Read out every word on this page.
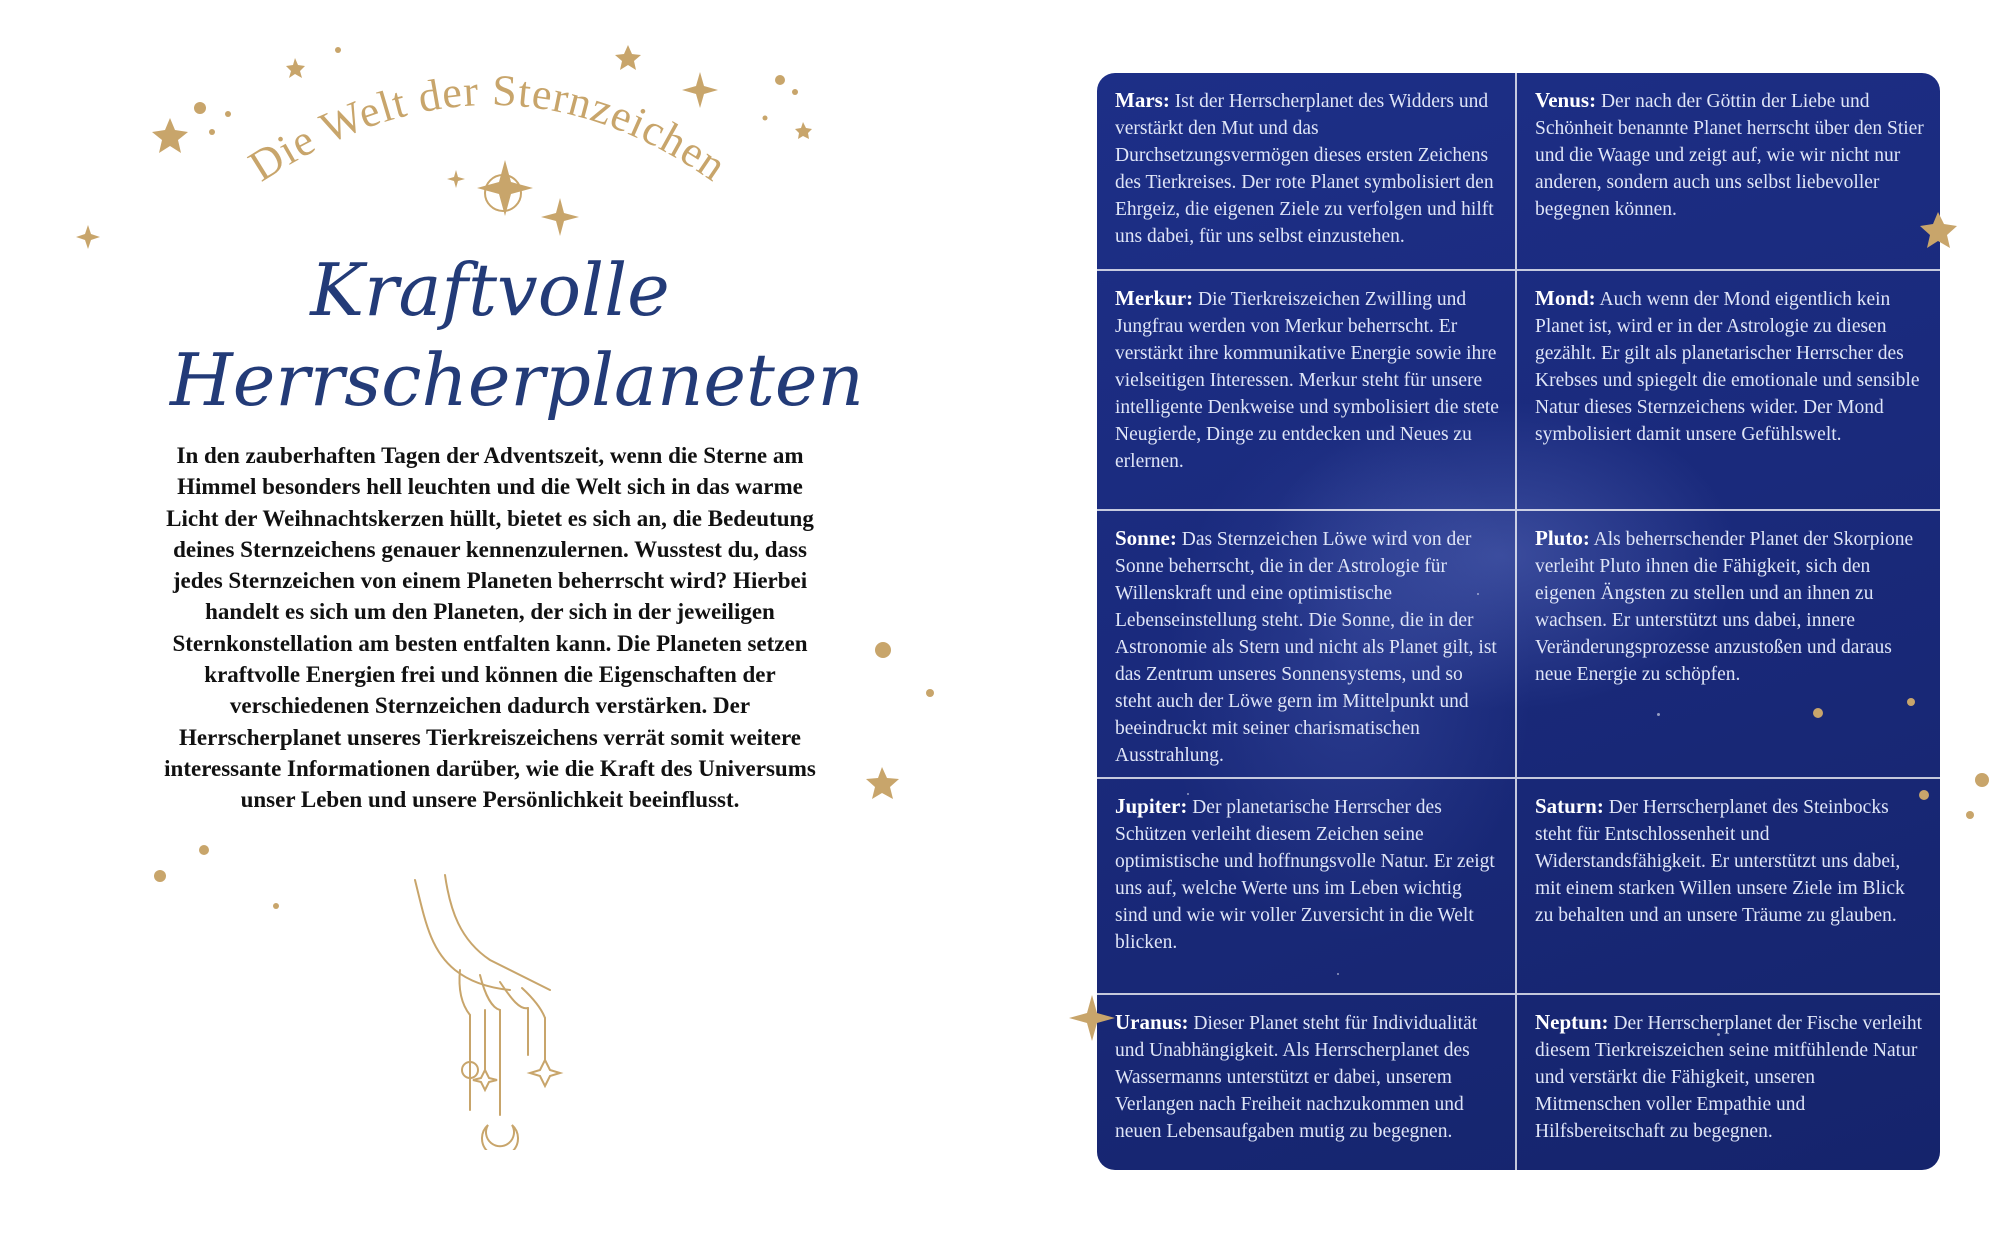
Die Welt der Sternzeichen
Kraftvolle
Herrscherplaneten

In den zauberhaften Tagen der Adventszeit, wenn die Sterne am Himmel besonders hell leuchten und die Welt sich in das warme Licht der Weihnachtskerzen hüllt, bietet es sich an, die Bedeutung deines Sternzeichens genauer kennenzulernen. Wusstest du, dass jedes Sternzeichen von einem Planeten beherrscht wird? Hierbei handelt es sich um den Planeten, der sich in der jeweiligen Sternkonstellation am besten entfalten kann. Die Planeten setzen kraftvolle Energien frei und können die Eigenschaften der verschiedenen Sternzeichen dadurch verstärken. Der Herrscherplanet unseres Tierkreiszeichens verrät somit weitere interessante Informationen darüber, wie die Kraft des Universums unser Leben und unsere Persönlichkeit beeinflusst.

Mars: Ist der Herrscherplanet des Widders und verstärkt den Mut und das Durchsetzungsvermögen dieses ersten Zeichens des Tierkreises. Der rote Planet symbolisiert den Ehrgeiz, die eigenen Ziele zu verfolgen und hilft uns dabei, für uns selbst einzustehen.
Venus: Der nach der Göttin der Liebe und Schönheit benannte Planet herrscht über den Stier und die Waage und zeigt auf, wie wir nicht nur anderen, sondern auch uns selbst liebevoller begegnen können.
Merkur: Die Tierkreiszeichen Zwilling und Jungfrau werden von Merkur beherrscht. Er verstärkt ihre kommunikative Energie sowie ihre vielseitigen Interessen. Merkur steht für unsere intelligente Denkweise und symbolisiert die stete Neugierde, Dinge zu entdecken und Neues zu erlernen.
Mond: Auch wenn der Mond eigentlich kein Planet ist, wird er in der Astrologie zu diesen gezählt. Er gilt als planetarischer Herrscher des Krebses und spiegelt die emotionale und sensible Natur dieses Sternzeichens wider. Der Mond symbolisiert damit unsere Gefühlswelt.
Sonne: Das Sternzeichen Löwe wird von der Sonne beherrscht, die in der Astrologie für Willenskraft und eine optimistische Lebenseinstellung steht. Die Sonne, die in der Astronomie als Stern und nicht als Planet gilt, ist das Zentrum unseres Sonnensystems, und so steht auch der Löwe gern im Mittelpunkt und beeindruckt mit seiner charismatischen Ausstrahlung.
Pluto: Als beherrschender Planet der Skorpione verleiht Pluto ihnen die Fähigkeit, sich den eigenen Ängsten zu stellen und an ihnen zu wachsen. Er unterstützt uns dabei, innere Veränderungsprozesse anzustoßen und daraus neue Energie zu schöpfen.
Jupiter: Der planetarische Herrscher des Schützen verleiht diesem Zeichen seine optimistische und hoffnungsvolle Natur. Er zeigt uns auf, welche Werte uns im Leben wichtig sind und wie wir voller Zuversicht in die Welt blicken.
Saturn: Der Herrscherplanet des Steinbocks steht für Entschlossenheit und Widerstandsfähigkeit. Er unterstützt uns dabei, mit einem starken Willen unsere Ziele im Blick zu behalten und an unsere Träume zu glauben.
Uranus: Dieser Planet steht für Individualität und Unabhängigkeit. Als Herrscherplanet des Wassermanns unterstützt er dabei, unserem Verlangen nach Freiheit nachzukommen und neuen Lebensaufgaben mutig zu begegnen.
Neptun: Der Herrscherplanet der Fische verleiht diesem Tierkreiszeichen seine mitfühlende Natur und verstärkt die Fähigkeit, unseren Mitmenschen voller Empathie und Hilfsbereitschaft zu begegnen.
